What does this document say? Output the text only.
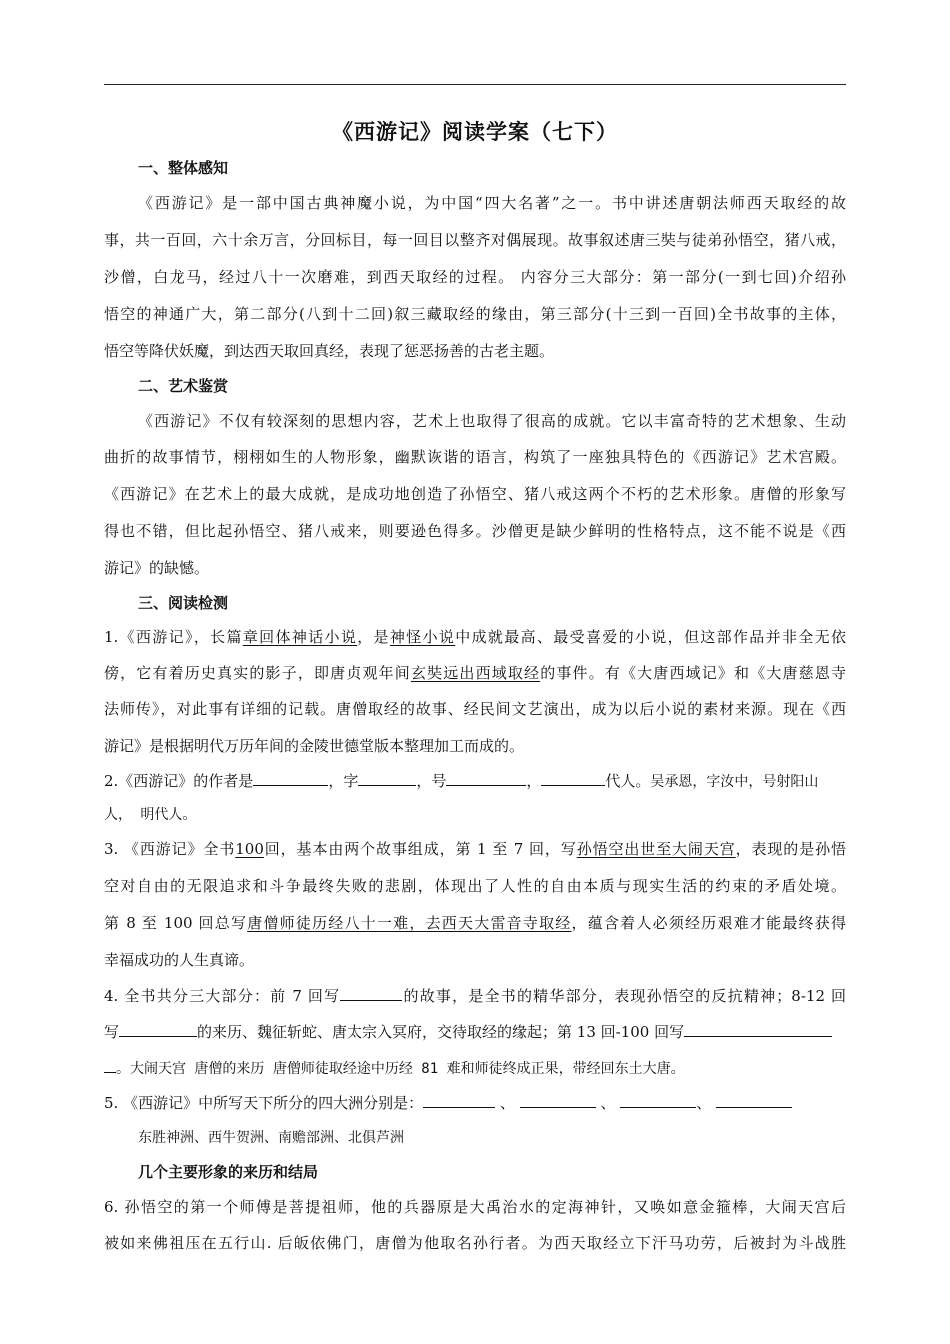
《西游记》阅读学案（七下）
一、整体感知
《西游记》是一部中国古典神魔小说，为中国“四大名著”之一。书中讲述唐朝法师西天取经的故
事，共一百回，六十余万言，分回标目，每一回目以整齐对偶展现。故事叙述唐三奘与徒弟孙悟空，猪八戒，
沙僧，白龙马，经过八十一次磨难，到西天取经的过程。 内容分三大部分：第一部分(一到七回)介绍孙
悟空的神通广大，第二部分(八到十二回)叙三藏取经的缘由，第三部分(十三到一百回)全书故事的主体，
悟空等降伏妖魔，到达西天取回真经，表现了惩恶扬善的古老主题。
二、艺术鉴赏
《西游记》不仅有较深刻的思想内容，艺术上也取得了很高的成就。它以丰富奇特的艺术想象、生动
曲折的故事情节，栩栩如生的人物形象，幽默诙谐的语言，构筑了一座独具特色的《西游记》艺术宫殿。
《西游记》在艺术上的最大成就，是成功地创造了孙悟空、猪八戒这两个不朽的艺术形象。唐僧的形象写
得也不错，但比起孙悟空、猪八戒来，则要逊色得多。沙僧更是缺少鲜明的性格特点，这不能不说是《西
游记》的缺憾。
三、阅读检测
1.《西游记》，长篇章回体神话小说，是神怪小说中成就最高、最受喜爱的小说，但这部作品并非全无依
傍，它有着历史真实的影子，即唐贞观年间玄奘远出西域取经的事件。有《大唐西域记》和《大唐慈恩寺
法师传》，对此事有详细的记载。唐僧取经的故事、经民间文艺演出，成为以后小说的素材来源。现在《西
游记》是根据明代万历年间的金陵世德堂版本整理加工而成的。
2.《西游记》的作者是	，字	，号	，	代人。吴承恩，字汝中，号射阳山
人， 明代人。
3. 《西游记》全书100回，基本由两个故事组成，第 1 至 7 回，写孙悟空出世至大闹天宫，表现的是孙悟
空对自由的无限追求和斗争最终失败的悲剧，体现出了人性的自由本质与现实生活的约束的矛盾处境。
第 8 至 100 回总写唐僧师徒历经八十一难，去西天大雷音寺取经，蕴含着人必须经历艰难才能最终获得
幸福成功的人生真谛。
4. 全书共分三大部分：前 7 回写	的故事，是全书的精华部分，表现孙悟空的反抗精神；8-12 回
写	的来历、魏征斩蛇、唐太宗入冥府，交待取经的缘起；第 13 回-100 回写
。大闹天宫 唐僧的来历 唐僧师徒取经途中历经 81 难和师徒终成正果，带经回东土大唐。
5. 《西游记》中所写天下所分的四大洲分别是：	、	、	、
东胜神洲、西牛贺洲、南赡部洲、北俱芦洲
几个主要形象的来历和结局
6. 孙悟空的第一个师傅是菩提祖师，他的兵器原是大禹治水的定海神针，又唤如意金箍棒，大闹天宫后
被如来佛祖压在五行山. 后皈依佛门，唐僧为他取名孙行者。为西天取经立下汗马功劳，后被封为斗战胜
